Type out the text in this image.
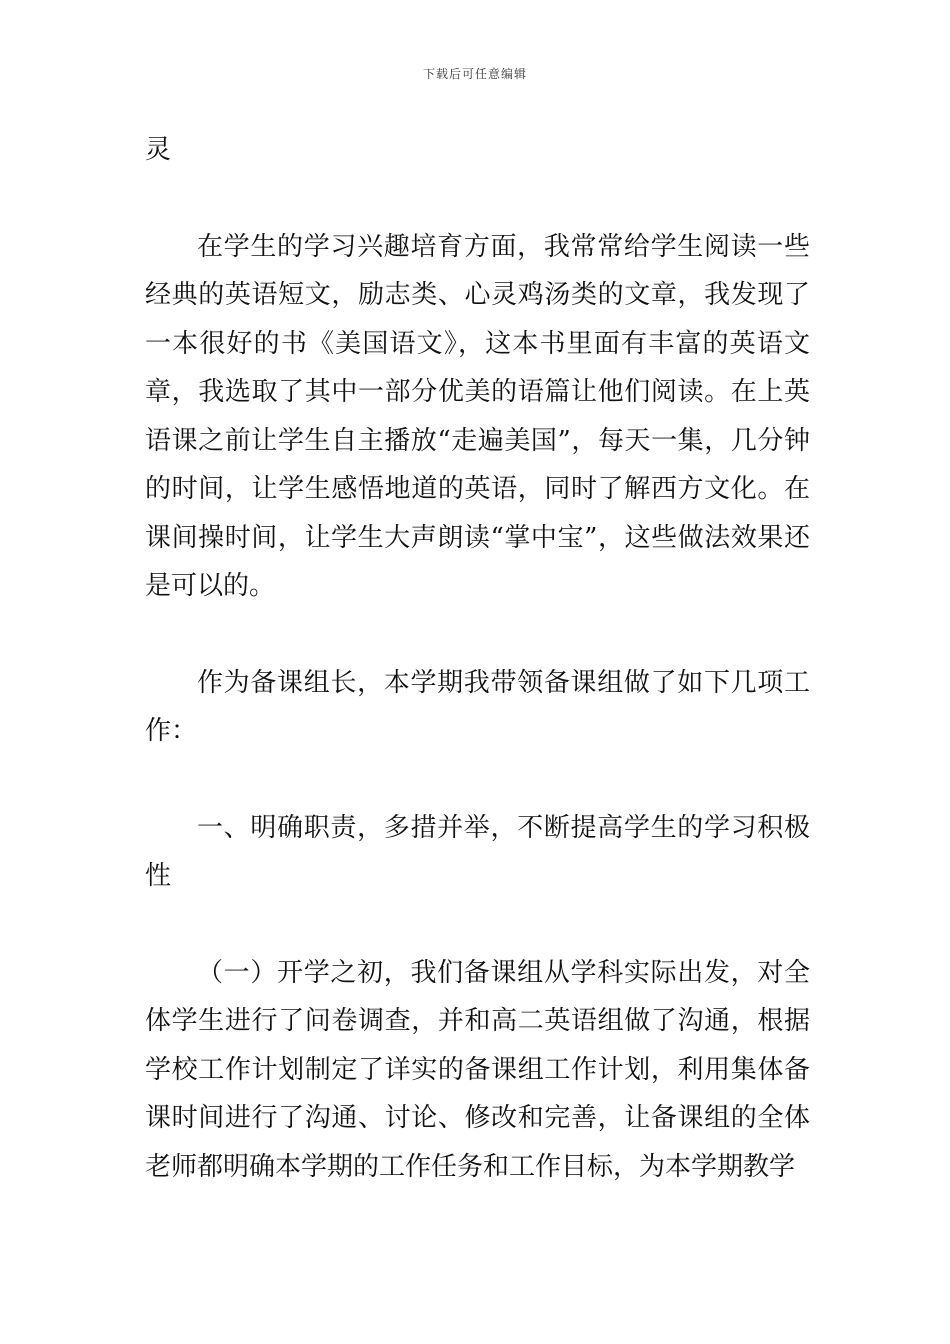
下载后可任意编辑

灵

在学生的学习兴趣培育方面，我常常给学生阅读一些经典的英语短文，励志类、心灵鸡汤类的文章，我发现了一本很好的书《美国语文》，这本书里面有丰富的英语文章，我选取了其中一部分优美的语篇让他们阅读。在上英语课之前让学生自主播放“走遍美国”，每天一集，几分钟的时间，让学生感悟地道的英语，同时了解西方文化。在课间操时间，让学生大声朗读“掌中宝”，这些做法效果还是可以的。

作为备课组长，本学期我带领备课组做了如下几项工作：

一、明确职责，多措并举，不断提高学生的学习积极性

（一）开学之初，我们备课组从学科实际出发，对全体学生进行了问卷调查，并和高二英语组做了沟通，根据学校工作计划制定了详实的备课组工作计划，利用集体备课时间进行了沟通、讨论、修改和完善，让备课组的全体老师都明确本学期的工作任务和工作目标，为本学期教学
